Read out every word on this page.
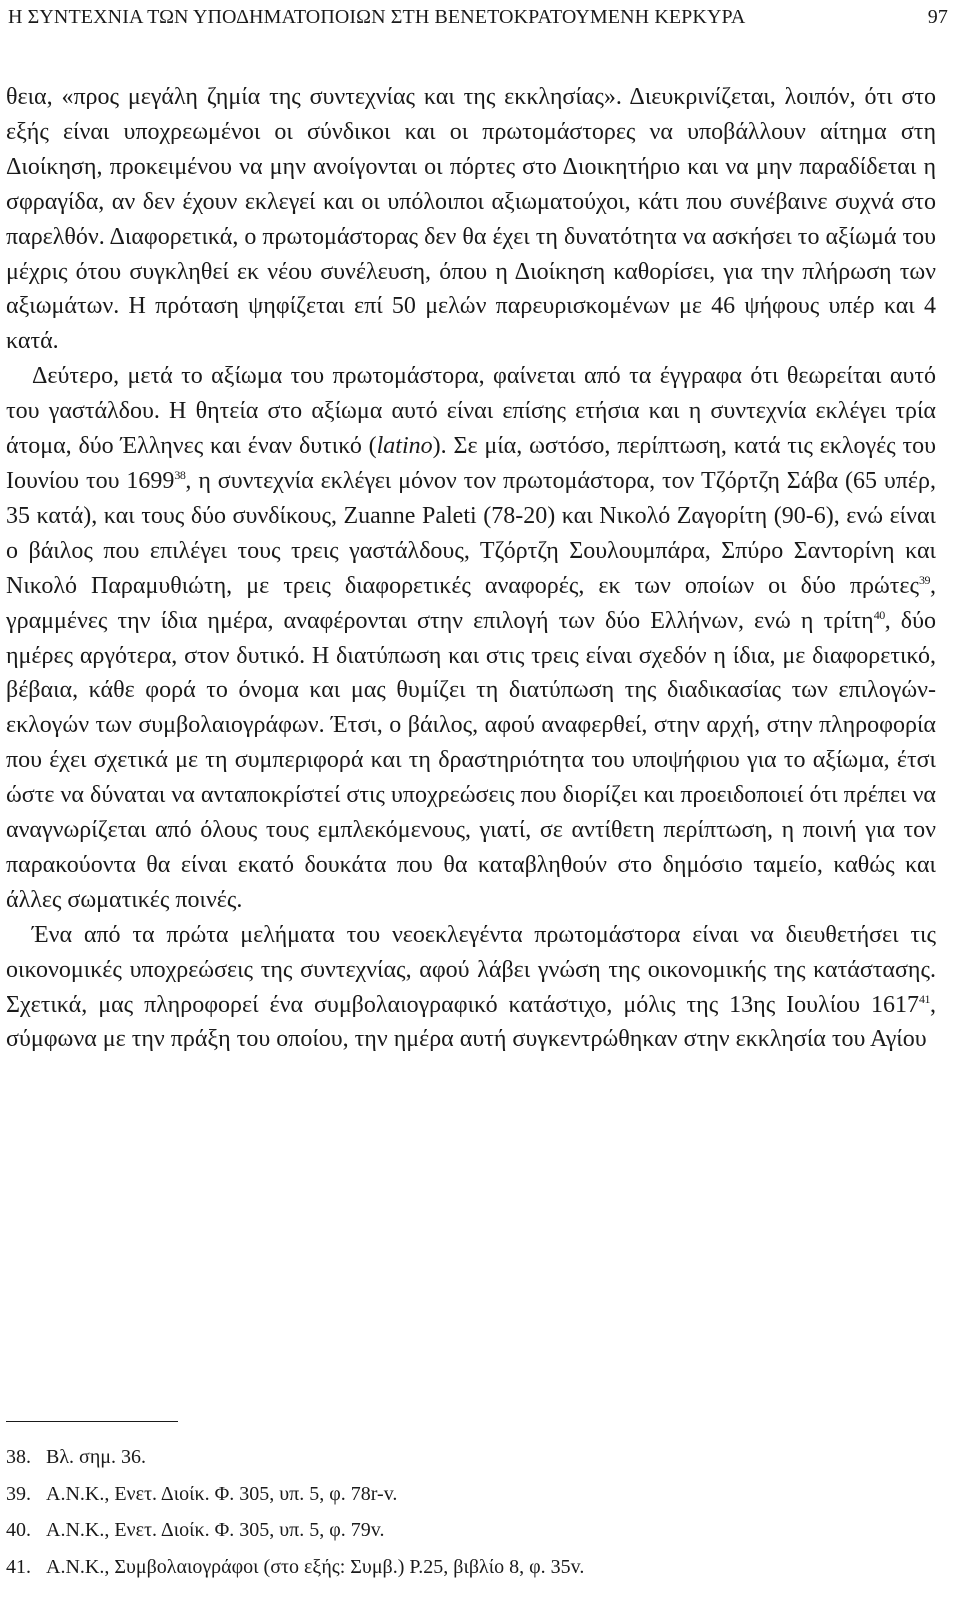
Η ΣΥΝΤΕΧΝΙΑ ΤΩΝ ΥΠΟΔΗΜΑΤΟΠΟΙΩΝ ΣΤΗ ΒΕΝΕΤΟΚΡΑΤΟΥΜΕΝΗ ΚΕΡΚΥΡΑ	97

θεια, «προς μεγάλη ζημία της συντεχνίας και της εκκλησίας». Διευκρινίζεται, λοιπόν, ότι στο εξής είναι υποχρεωμένοι οι σύνδικοι και οι πρωτομάστορες να υποβάλλουν αίτημα στη Διοίκηση, προκειμένου να μην ανοίγονται οι πόρτες στο Διοικητήριο και να μην παραδίδεται η σφραγίδα, αν δεν έχουν εκλεγεί και οι υπόλοιποι αξιωματούχοι, κάτι που συνέβαινε συχνά στο παρελθόν. Διαφορετικά, ο πρωτομάστορας δεν θα έχει τη δυνατότητα να ασκήσει το αξίωμά του μέχρις ότου συγκληθεί εκ νέου συνέλευση, όπου η Διοίκηση καθορίσει, για την πλήρωση των αξιωμάτων. Η πρόταση ψηφίζεται επί 50 μελών παρευρισκομένων με 46 ψήφους υπέρ και 4 κατά.

Δεύτερο, μετά το αξίωμα του πρωτομάστορα, φαίνεται από τα έγγραφα ότι θεωρείται αυτό του γαστάλδου. Η θητεία στο αξίωμα αυτό είναι επίσης ετήσια και η συντεχνία εκλέγει τρία άτομα, δύο Έλληνες και έναν δυτικό (latino). Σε μία, ωστόσο, περίπτωση, κατά τις εκλογές του Ιουνίου του 1699$^{38}$, η συντεχνία εκλέγει μόνον τον πρωτομάστορα, τον Τζόρτζη Σάβα (65 υπέρ, 35 κατά), και τους δύο συνδίκους, Zuanne Paleti (78-20) και Νικολό Ζαγορίτη (90-6), ενώ είναι ο βάιλος που επιλέγει τους τρεις γαστάλδους, Τζόρτζη Σουλουμπάρα, Σπύρο Σαντορίνη και Νικολό Παραμυθιώτη, με τρεις διαφορετικές αναφορές, εκ των οποίων οι δύο πρώτες$^{39}$, γραμμένες την ίδια ημέρα, αναφέρονται στην επιλογή των δύο Ελλήνων, ενώ η τρίτη$^{40}$, δύο ημέρες αργότερα, στον δυτικό. Η διατύπωση και στις τρεις είναι σχεδόν η ίδια, με διαφορετικό, βέβαια, κάθε φορά το όνομα και μας θυμίζει τη διατύπωση της διαδικασίας των επιλογών-εκλογών των συμβολαιογράφων. Έτσι, ο βάιλος, αφού αναφερθεί, στην αρχή, στην πληροφορία που έχει σχετικά με τη συμπεριφορά και τη δραστηριότητα του υποψήφιου για το αξίωμα, έτσι ώστε να δύναται να ανταποκρίστεί στις υποχρεώσεις που διορίζει και προειδοποιεί ότι πρέπει να αναγνωρίζεται από όλους τους εμπλεκόμενους, γιατί, σε αντίθετη περίπτωση, η ποινή για τον παρακούοντα θα είναι εκατό δουκάτα που θα καταβληθούν στο δημόσιο ταμείο, καθώς και άλλες σωματικές ποινές.

Ένα από τα πρώτα μελήματα του νεοεκλεγέντα πρωτομάστορα είναι να διευθετήσει τις οικονομικές υποχρεώσεις της συντεχνίας, αφού λάβει γνώση της οικονομικής της κατάστασης. Σχετικά, μας πληροφορεί ένα συμβολαιογραφικό κατάστιχο, μόλις της 13ης Ιουλίου 1617$^{41}$, σύμφωνα με την πράξη του οποίου, την ημέρα αυτή συγκεντρώθηκαν στην εκκλησία του Αγίου

38. Βλ. σημ. 36.
39. Α.Ν.Κ., Ενετ. Διοίκ. Φ. 305, υπ. 5, φ. 78r-v.
40. Α.Ν.Κ., Ενετ. Διοίκ. Φ. 305, υπ. 5, φ. 79v.
41. Α.Ν.Κ., Συμβολαιογράφοι (στο εξής: Συμβ.) Ρ.25, βιβλίο 8, φ. 35v.
